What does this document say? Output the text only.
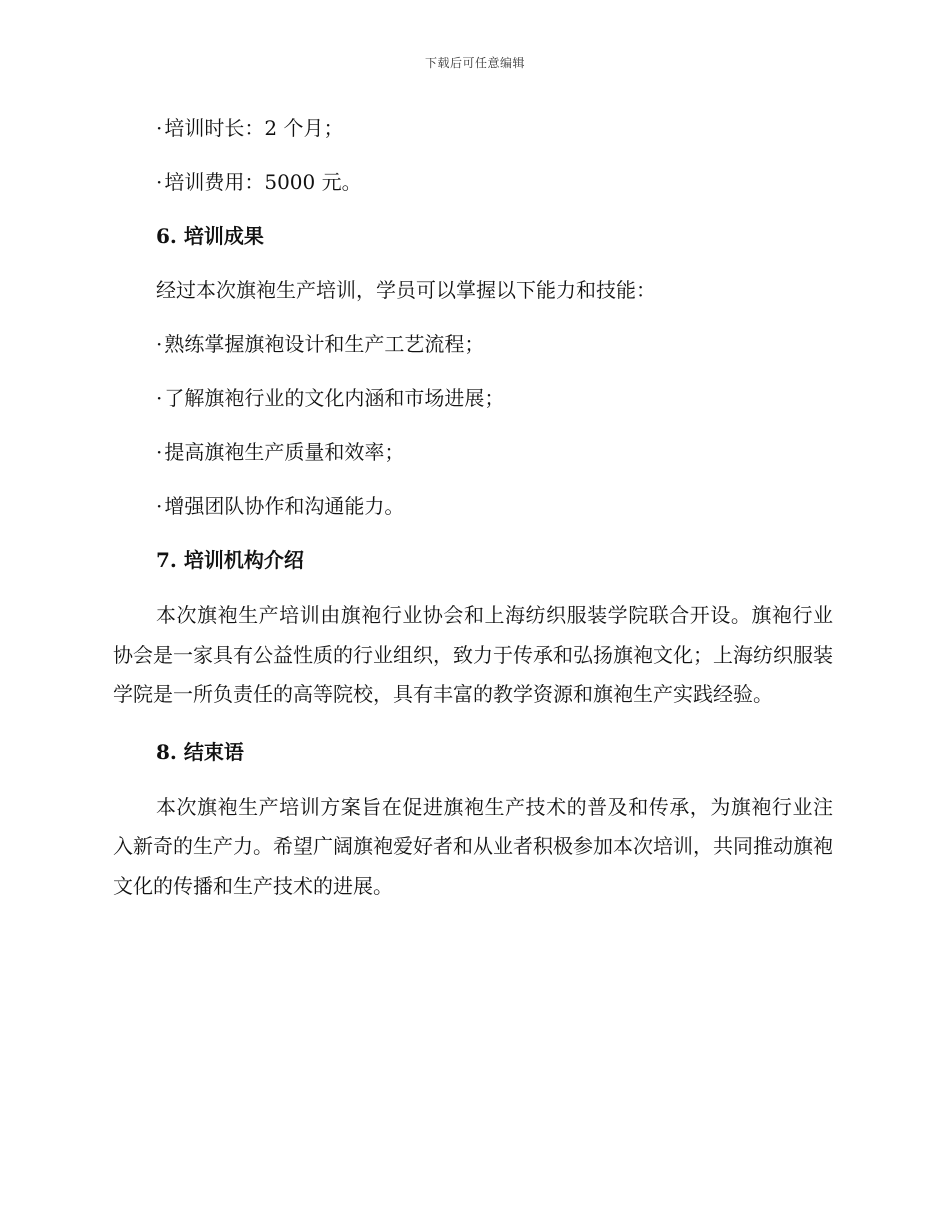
下载后可任意编辑
· 培训时长：2 个月；
· 培训费用：5000 元。
6. 培训成果
经过本次旗袍生产培训，学员可以掌握以下能力和技能：
· 熟练掌握旗袍设计和生产工艺流程；
· 了解旗袍行业的文化内涵和市场进展；
· 提高旗袍生产质量和效率；
· 增强团队协作和沟通能力。
7. 培训机构介绍
本次旗袍生产培训由旗袍行业协会和上海纺织服装学院联合开设。旗袍行业协会是一家具有公益性质的行业组织，致力于传承和弘扬旗袍文化；上海纺织服装学院是一所负责任的高等院校，具有丰富的教学资源和旗袍生产实践经验。
8. 结束语
本次旗袍生产培训方案旨在促进旗袍生产技术的普及和传承，为旗袍行业注入新奇的生产力。希望广阔旗袍爱好者和从业者积极参加本次培训，共同推动旗袍文化的传播和生产技术的进展。
